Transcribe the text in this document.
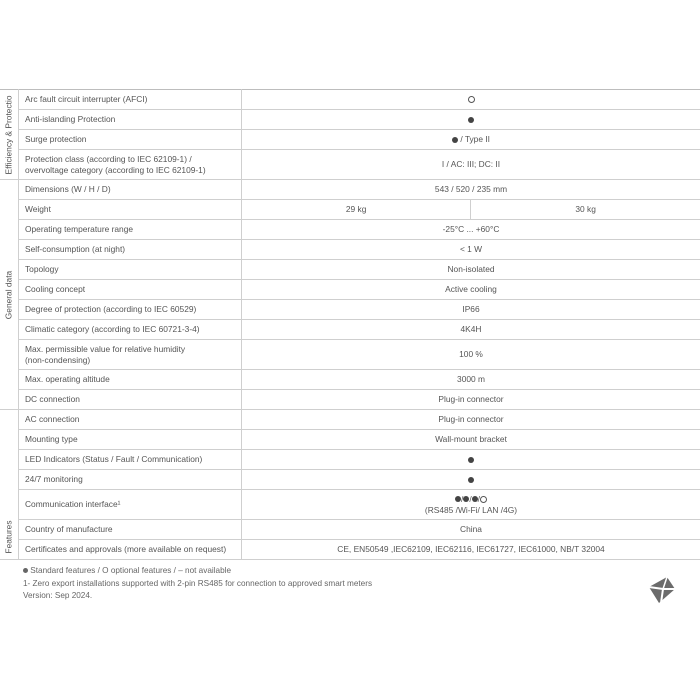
Efficiency & Protectio	Arc fault circuit interrupter (AFCI)		
	Anti-islanding Protection		
	Surge protection	/ Type II	

	Protection class (according to IEC 62109-1) /
overvoltage category (according to IEC 62109-1)	I / AC: III; DC: II	

General data	Dimensions (W / H / D)	543 / 520 / 235 mm	
	Weight	29 kg	30 kg
	Operating temperature range	-25°C ... +60°C	
	Self-consumption (at night)	< 1 W	
	Topology	Non-isolated	
	Cooling concept	Active cooling	
	Degree of protection (according to IEC 60529)	IP66	
	Climatic category (according to IEC 60721-3-4)	4K4H	

	Max. permissible value for relative humidity
(non-condensing)	100 %	
	Max. operating altitude	3000 m	
	DC connection	Plug-in connector	

Features	AC connection	Plug-in connector	
	Mounting type	Wall-mount bracket	
	LED Indicators (Status / Fault / Communication)		
	24/7 monitoring		
	Communication interface¹	/ / /
(RS485 /Wi-Fi/ LAN /4G)	

	Country of manufacture	China	
	Certificates and approvals (more available on request)	CE, EN50549 ,IEC62109, IEC62116, IEC61727, IEC61000, NB/T 32004	
Standard features / O optional features / – not available
1- Zero export installations supported with 2-pin RS485 for connection to approved smart meters
Version: Sep 2024.
